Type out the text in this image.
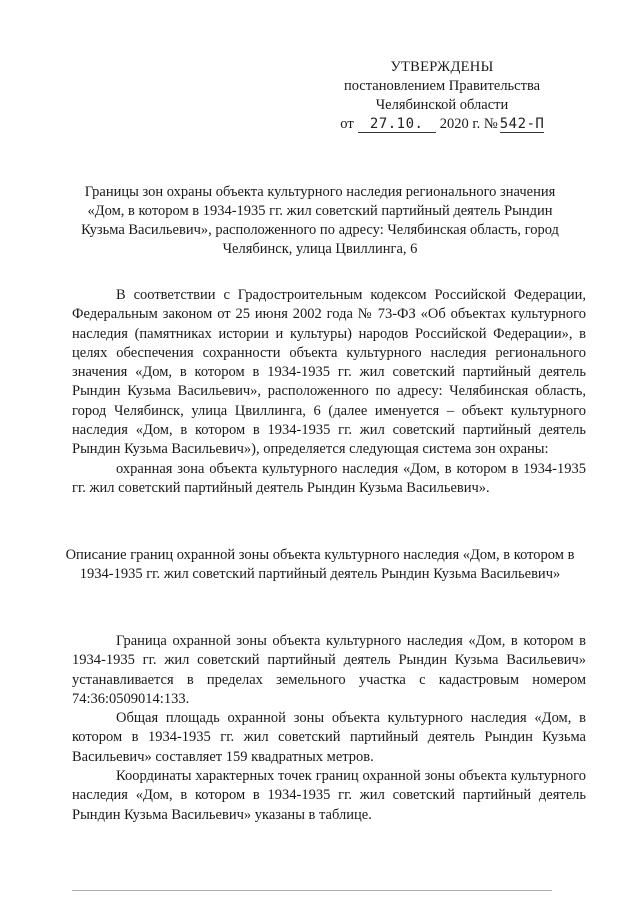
УТВЕРЖДЕНЫ
постановлением Правительства
Челябинской области
от	27.10.	2020 г. № 542-П
Границы зон охраны объекта культурного наследия регионального значения «Дом, в котором в 1934-1935 гг. жил советский партийный деятель Рындин Кузьма Васильевич», расположенного по адресу: Челябинская область, город Челябинск, улица Цвиллинга, 6

В соответствии с Градостроительным кодексом Российской Федерации, Федеральным законом от 25 июня 2002 года № 73-ФЗ «Об объектах культурного наследия (памятниках истории и культуры) народов Российской Федерации», в целях обеспечения сохранности объекта культурного наследия регионального значения «Дом, в котором в 1934-1935 гг. жил советский партийный деятель Рындин Кузьма Васильевич», расположенного по адресу: Челябинская область, город Челябинск, улица Цвиллинга, 6 (далее именуется – объект культурного наследия «Дом, в котором в 1934-1935 гг. жил советский партийный деятель Рындин Кузьма Васильевич»), определяется следующая система зон охраны:

охранная зона объекта культурного наследия «Дом, в котором в 1934-1935 гг. жил советский партийный деятель Рындин Кузьма Васильевич».

Описание границ охранной зоны объекта культурного наследия «Дом, в котором в 1934-1935 гг. жил советский партийный деятель Рындин Кузьма Васильевич»

Граница охранной зоны объекта культурного наследия «Дом, в котором в 1934-1935 гг. жил советский партийный деятель Рындин Кузьма Васильевич» устанавливается в пределах земельного участка с кадастровым номером 74:36:0509014:133.

Общая площадь охранной зоны объекта культурного наследия «Дом, в котором в 1934-1935 гг. жил советский партийный деятель Рындин Кузьма Васильевич» составляет 159 квадратных метров.

Координаты характерных точек границ охранной зоны объекта культурного наследия «Дом, в котором в 1934-1935 гг. жил советский партийный деятель Рындин Кузьма Васильевич» указаны в таблице.
